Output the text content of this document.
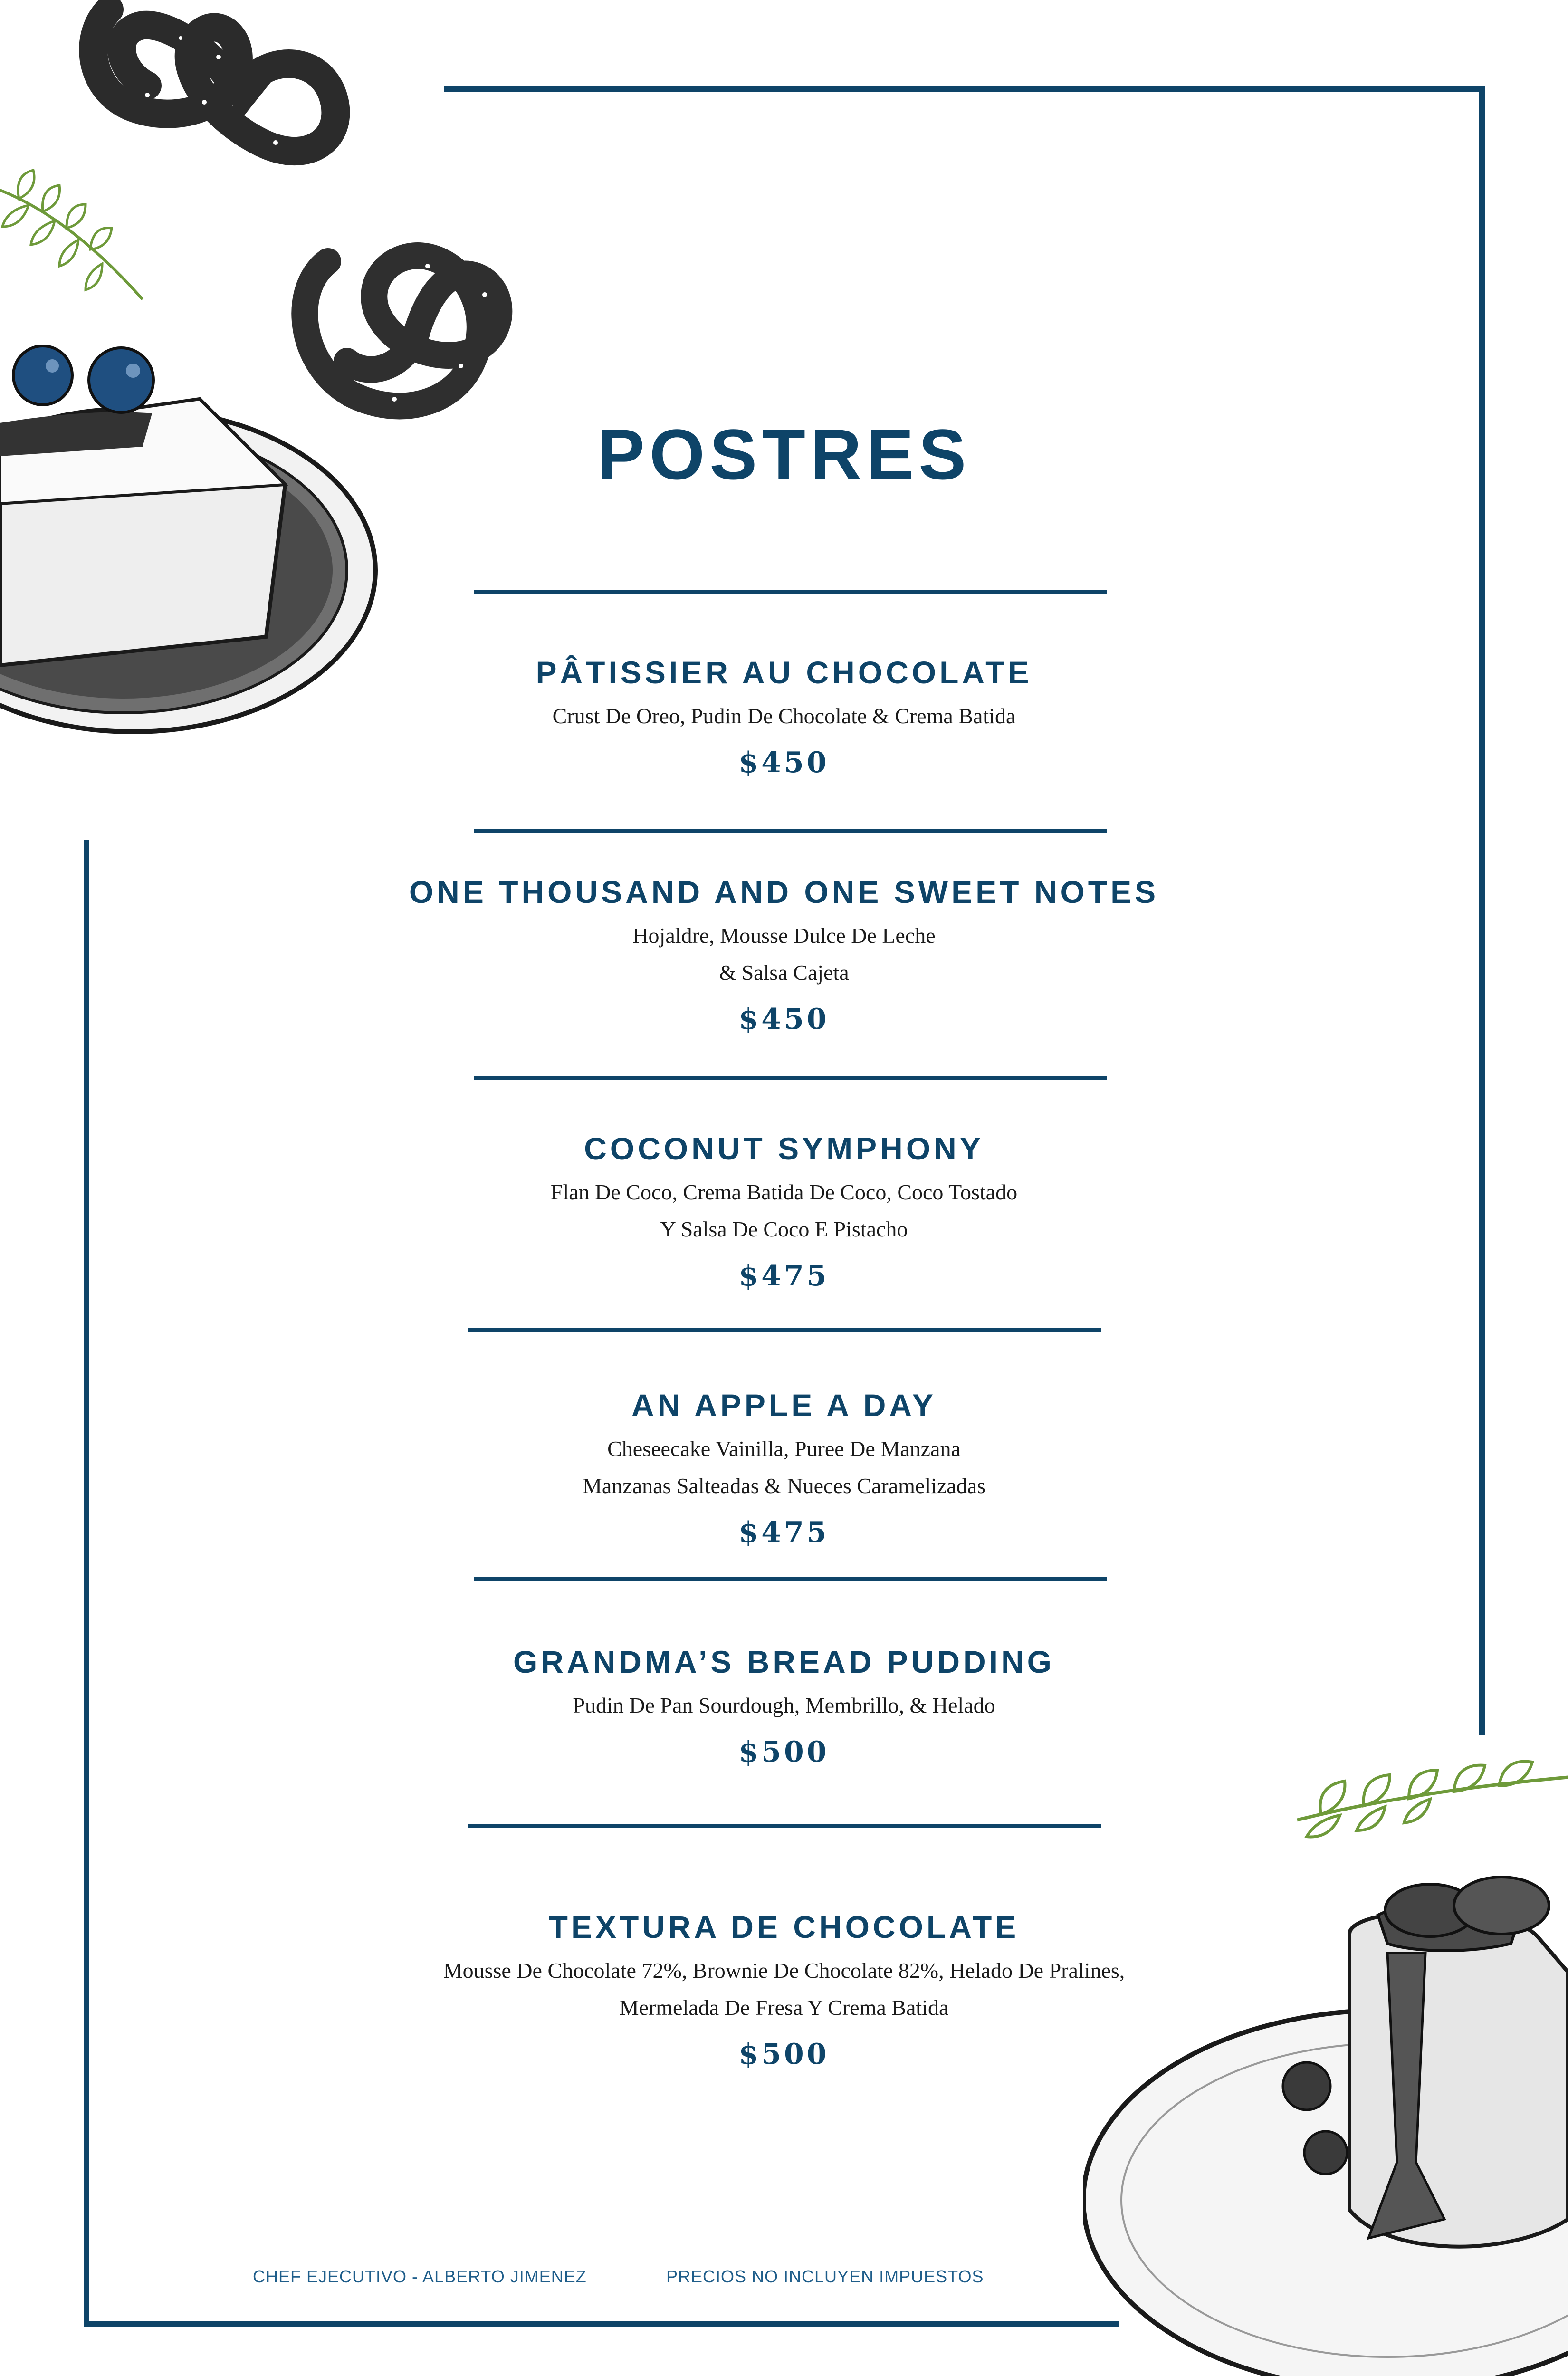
POSTRES
PÂTISSIER AU CHOCOLATE
Crust De Oreo, Pudin De Chocolate & Crema Batida
$450
ONE THOUSAND AND ONE SWEET NOTES
Hojaldre, Mousse Dulce De Leche
& Salsa Cajeta
$450
COCONUT SYMPHONY
Flan De Coco, Crema Batida De Coco, Coco Tostado
Y Salsa De Coco E Pistacho
$475
AN APPLE A DAY
Cheseecake Vainilla, Puree De Manzana
Manzanas Salteadas & Nueces Caramelizadas
$475
GRANDMA’S BREAD PUDDING
Pudin De Pan Sourdough, Membrillo, & Helado
$500
TEXTURA DE CHOCOLATE
Mousse De Chocolate 72%, Brownie De Chocolate 82%, Helado De Pralines,
Mermelada De Fresa Y Crema Batida
$500
CHEF EJECUTIVO - ALBERTO JIMENEZ	PRECIOS NO INCLUYEN IMPUESTOS
